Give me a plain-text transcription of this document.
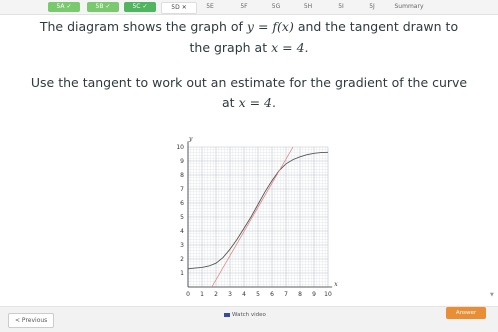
5A ✓	5B ✓	5C ✓	5D ✕	5E	5F	5G	5H	5I	5J	Summary
The diagram shows the graph of y = f(x) and the tangent drawn to
the graph at x = 4.
Use the tangent to work out an estimate for the gradient of the curve
at x = 4.
0 1 2 3 4 5 6 7 8 9 10
1
2
3
4
5
6
7
8
9
10
x
y
< Previous
Watch video	Answer
▼
